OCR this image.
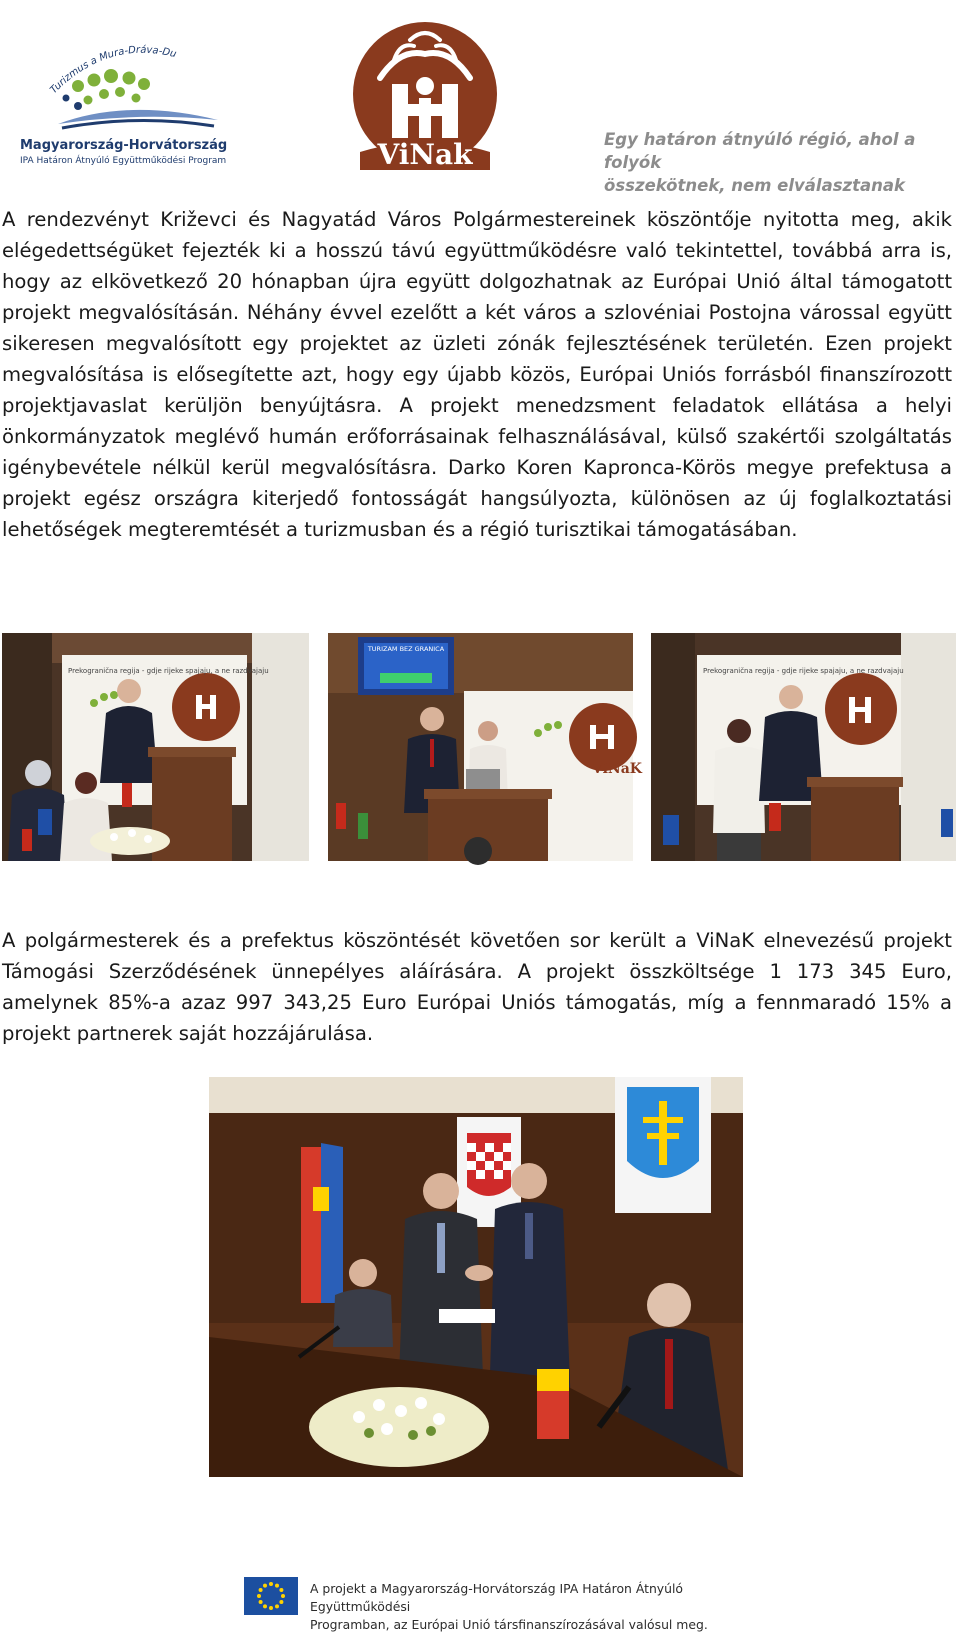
Turizmus a Mura-Dráva-Du
Magyarország-Horvátország
IPA Határon Átnyúló Együttműködési Program	ViNak	Egy határon átnyúló régió, ahol a folyók
összekötnek, nem elválasztanak
A rendezvényt Križevci és Nagyatád Város Polgármestereinek köszöntője nyitotta meg, akik elégedettségüket fejezték ki a hosszú távú együttműködésre való tekintettel, továbbá arra is, hogy az elkövetkező 20 hónapban újra együtt dolgozhatnak az Európai Unió által támogatott projekt megvalósításán. Néhány évvel ezelőtt a két város a szlovéniai Postojna várossal együtt sikeresen megvalósított egy projektet az üzleti zónák fejlesztésének területén. Ezen projekt megvalósítása is elősegítette azt, hogy egy újabb közös, Európai Uniós forrásból finanszírozott projektjavaslat kerüljön benyújtásra. A projekt menedzsment feladatok ellátása a helyi önkormányzatok meglévő humán erőforrásainak felhasználásával, külső szakértői szolgáltatás igénybevétele nélkül kerül megvalósításra. Darko Koren Kapronca-Körös megye prefektusa a projekt egész országra kiterjedő fontosságát hangsúlyozta, különösen az új foglalkoztatási lehetőségek megteremtését a turizmusban és a régió turisztikai támogatásában.
Prekogranična regija - gdje rijeke spajaju, a ne razdvajaju
TURIZAM BEZ GRANICA
ViNaK
Prekogranična regija - gdje rijeke spajaju, a ne razdvajaju
A polgármesterek és a prefektus köszöntését követően sor került a ViNaK elnevezésű projekt Támogási Szerződésének ünnepélyes aláírására. A projekt összköltsége 1 173 345 Euro, amelynek 85%-a azaz 997 343,25 Euro Európai Uniós támogatás, míg a fennmaradó 15% a projekt partnerek saját hozzájárulása.
A projekt a Magyarország-Horvátország IPA Határon Átnyúló Együttműködési
Programban, az Európai Unió társfinanszírozásával valósul meg.
